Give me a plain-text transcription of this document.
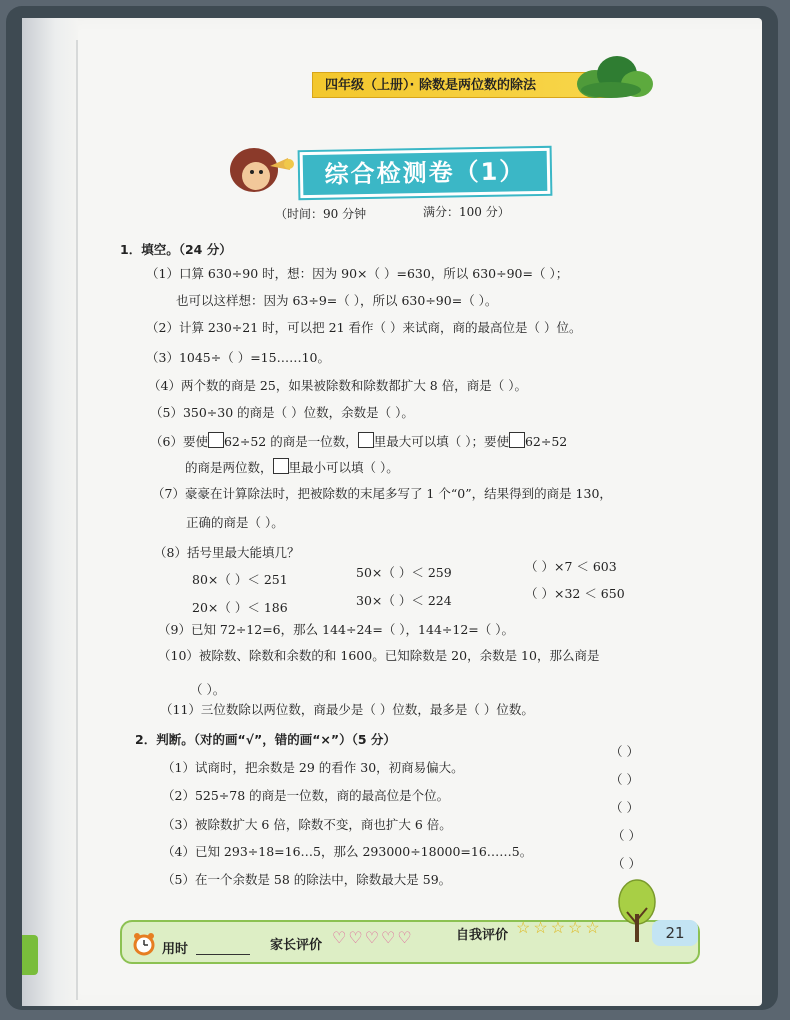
四年级（上册）· 除数是两位数的除法
综合检测卷（1）
（时间：90 分钟	满分：100 分）
1．填空。（24 分）
（1）口算 630÷90 时，想：因为 90×（ ）=630，所以 630÷90=（ ）；
也可以这样想：因为 63÷9=（ ），所以 630÷90=（ ）。
（2）计算 230÷21 时，可以把 21 看作（ ）来试商，商的最高位是（ ）位。
（3）1045÷（ ）=15……10。
（4）两个数的商是 25，如果被除数和除数都扩大 8 倍，商是（ ）。
（5）350÷30 的商是（ ）位数，余数是（ ）。
（6）要使 62÷52 的商是一位数， 里最大可以填（ ）；要使 62÷52
的商是两位数， 里最小可以填（ ）。
（7）豪豪在计算除法时，把被除数的末尾多写了 1 个“0”，结果得到的商是 130，
正确的商是（ ）。
（8）括号里最大能填几？
80×（ ）＜ 251	50×（ ）＜ 259	（ ）×7 ＜ 603
20×（ ）＜ 186	30×（ ）＜ 224	（ ）×32 ＜ 650
（9）已知 72÷12=6，那么 144÷24=（ ），144÷12=（ ）。
（10）被除数、除数和余数的和 1600。已知除数是 20，余数是 10，那么商是
（ ）。
（11）三位数除以两位数，商最少是（ ）位数，最多是（ ）位数。
2．判断。（对的画“√”，错的画“×”）（5 分）
（1）试商时，把余数是 29 的看作 30，初商易偏大。
（2）525÷78 的商是一位数，商的最高位是个位。
（3）被除数扩大 6 倍，除数不变，商也扩大 6 倍。
（4）已知 293÷18=16…5，那么 293000÷18000=16……5。
（5）在一个余数是 58 的除法中，除数最大是 59。
（ ）
（ ）
（ ）
（ ）
（ ）
用时	家长评价 ♡♡♡♡♡	自我评价 ☆☆☆☆☆	21
